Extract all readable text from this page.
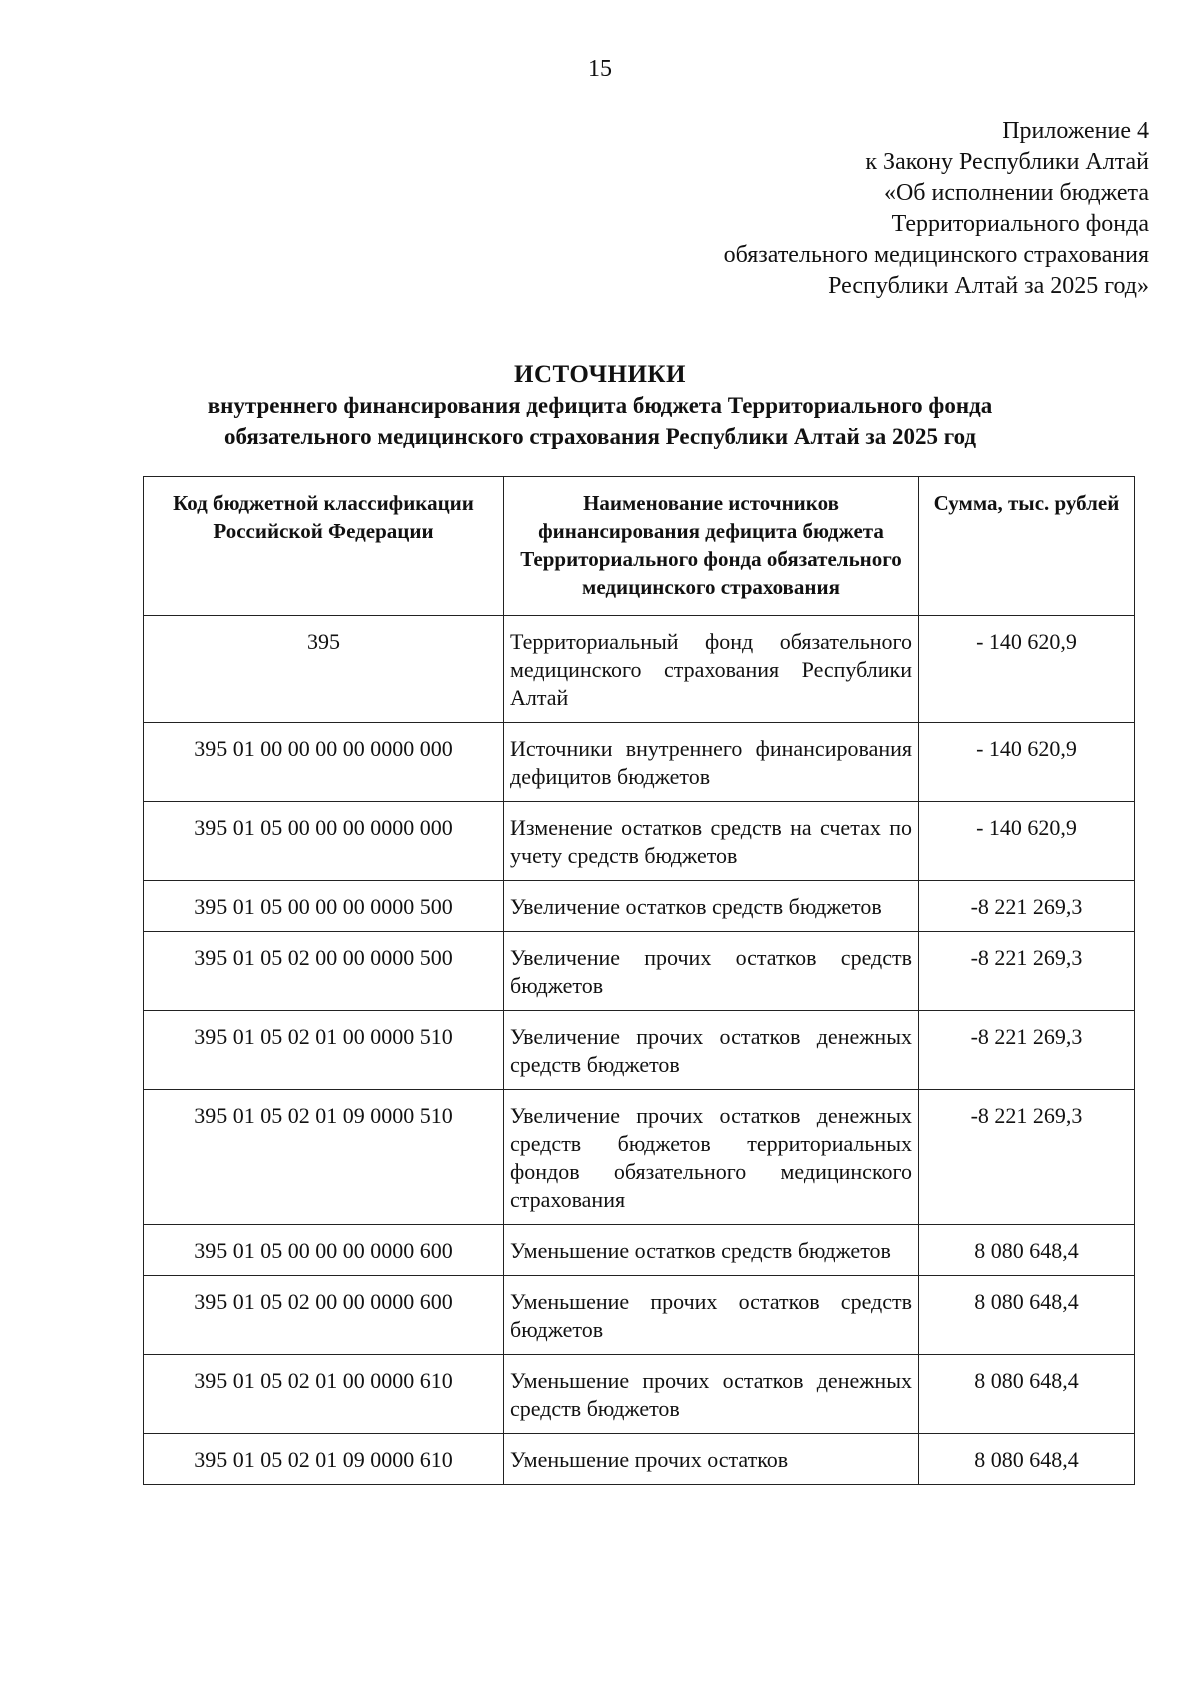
15
Приложение 4
к Закону Республики Алтай
«Об исполнении бюджета
Территориального фонда
обязательного медицинского страхования
Республики Алтай за 2025 год»
ИСТОЧНИКИ
внутреннего финансирования дефицита бюджета Территориального фонда
обязательного медицинского страхования Республики Алтай за 2025 год
Код бюджетной классификации Российской Федерации	Наименование источников финансирования дефицита бюджета Территориального фонда обязательного медицинского страхования	Сумма, тыс. рублей
395	Территориальный фонд обязательного медицинского страхования Республики Алтай	- 140 620,9
395 01 00 00 00 00 0000 000	Источники внутреннего финансирования дефицитов бюджетов	- 140 620,9
395 01 05 00 00 00 0000 000	Изменение остатков средств на счетах по учету средств бюджетов	- 140 620,9
395 01 05 00 00 00 0000 500	Увеличение остатков средств бюджетов	-8 221 269,3
395 01 05 02 00 00 0000 500	Увеличение прочих остатков средств бюджетов	-8 221 269,3
395 01 05 02 01 00 0000 510	Увеличение прочих остатков денежных средств бюджетов	-8 221 269,3
395 01 05 02 01 09 0000 510	Увеличение прочих остатков денежных средств бюджетов территориальных фондов обязательного медицинского страхования	-8 221 269,3
395 01 05 00 00 00 0000 600	Уменьшение остатков средств бюджетов	8 080 648,4
395 01 05 02 00 00 0000 600	Уменьшение прочих остатков средств бюджетов	8 080 648,4
395 01 05 02 01 00 0000 610	Уменьшение прочих остатков денежных средств бюджетов	8 080 648,4
395 01 05 02 01 09 0000 610	Уменьшение прочих остатков	8 080 648,4
